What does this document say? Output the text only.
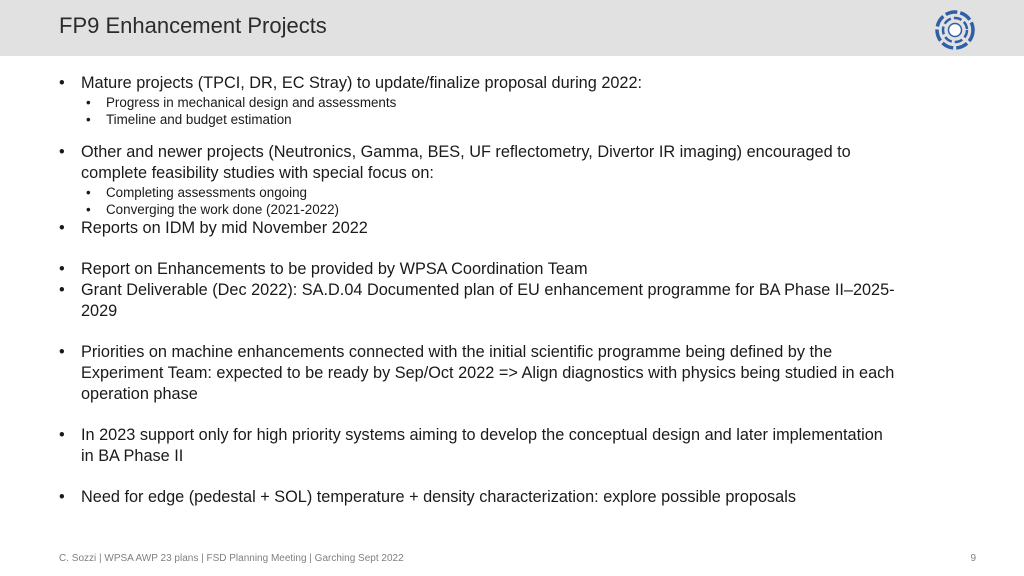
FP9 Enhancement Projects
• Mature projects (TPCI, DR, EC Stray) to update/finalize proposal during 2022:
• Progress in mechanical design and assessments
• Timeline and budget estimation
• Other and newer projects (Neutronics, Gamma, BES, UF reflectometry, Divertor IR imaging) encouraged to
complete feasibility studies with special focus on:
• Completing assessments ongoing
• Converging the work done (2021-2022)
• Reports on IDM by mid November 2022
• Report on Enhancements to be provided by WPSA Coordination Team
• Grant Deliverable (Dec 2022): SA.D.04 Documented plan of EU enhancement programme for BA Phase II–2025-
2029
• Priorities on machine enhancements connected with the initial scientific programme being defined by the
Experiment Team: expected to be ready by Sep/Oct 2022 => Align diagnostics with physics being studied in each
operation phase
• In 2023 support only for high priority systems aiming to develop the conceptual design and later implementation
in BA Phase II
• Need for edge (pedestal + SOL) temperature + density characterization: explore possible proposals
C. Sozzi | WPSA AWP 23 plans | FSD Planning Meeting | Garching Sept 2022	9
